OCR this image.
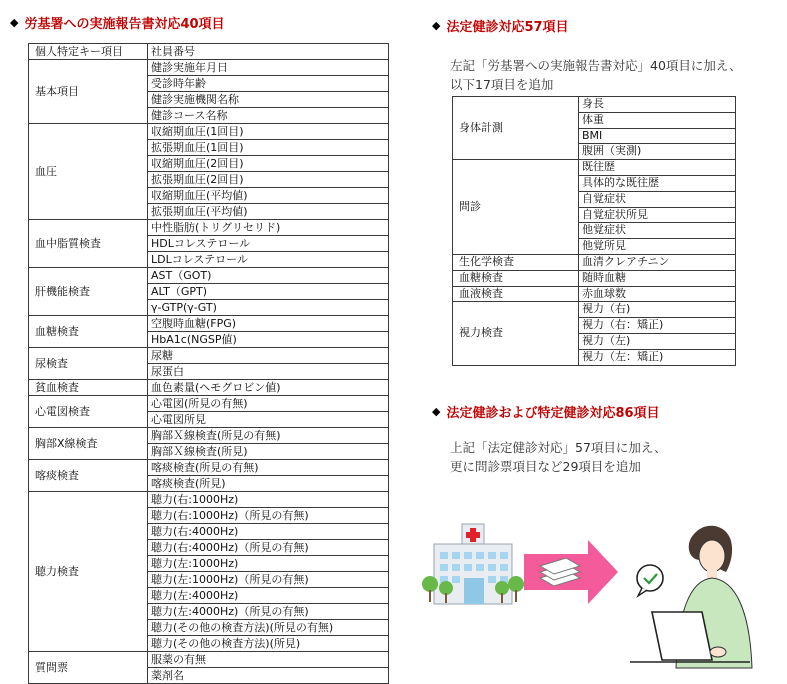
◆ 労基署への実施報告書対応40項目
個人特定キー項目	社員番号
基本項目	健診実施年月日
	受診時年齢
	健診実施機関名称
	健診コース名称
血圧	収縮期血圧(1回目)
	拡張期血圧(1回目)
	収縮期血圧(2回目)
	拡張期血圧(2回目)
	収縮期血圧(平均値)
	拡張期血圧(平均値)
血中脂質検査	中性脂肪(トリグリセリド)
	HDLコレステロール
	LDLコレステロール
肝機能検査	AST（GOT)
	ALT（GPT)
	γ-GTP(γ-GT)
血糖検査	空腹時血糖(FPG)
	HbA1c(NGSP値)
尿検査	尿糖
	尿蛋白
貧血検査	血色素量(ヘモグロビン値)
心電図検査	心電図(所見の有無)
	心電図所見
胸部X線検査	胸部Ｘ線検査(所見の有無)
	胸部Ｘ線検査(所見)
喀痰検査	喀痰検査(所見の有無)
	喀痰検査(所見)
聴力検査	聴力(右:1000Hz)
	聴力(右:1000Hz)（所見の有無)
	聴力(右:4000Hz)
	聴力(右:4000Hz)（所見の有無)
	聴力(左:1000Hz)
	聴力(左:1000Hz)（所見の有無)
	聴力(左:4000Hz)
	聴力(左:4000Hz)（所見の有無)
	聴力(その他の検査方法)(所見の有無)
	聴力(その他の検査方法)(所見)
質問票	服薬の有無
	薬剤名
◆ 法定健診対応57項目
左記「労基署への実施報告書対応」40項目に加え、
以下17項目を追加
身体計測	身長
	体重
	BMI
	腹囲（実測)
問診	既往歴
	具体的な既往歴
	自覚症状
	自覚症状所見
	他覚症状
	他覚所見
生化学検査	血清クレアチニン
血糖検査	随時血糖
血液検査	赤血球数
視力検査	視力（右)
	視力（右：矯正)
	視力（左)
	視力（左：矯正)
◆ 法定健診および特定健診対応86項目
上記「法定健診対応」57項目に加え、
更に問診票項目など29項目を追加
